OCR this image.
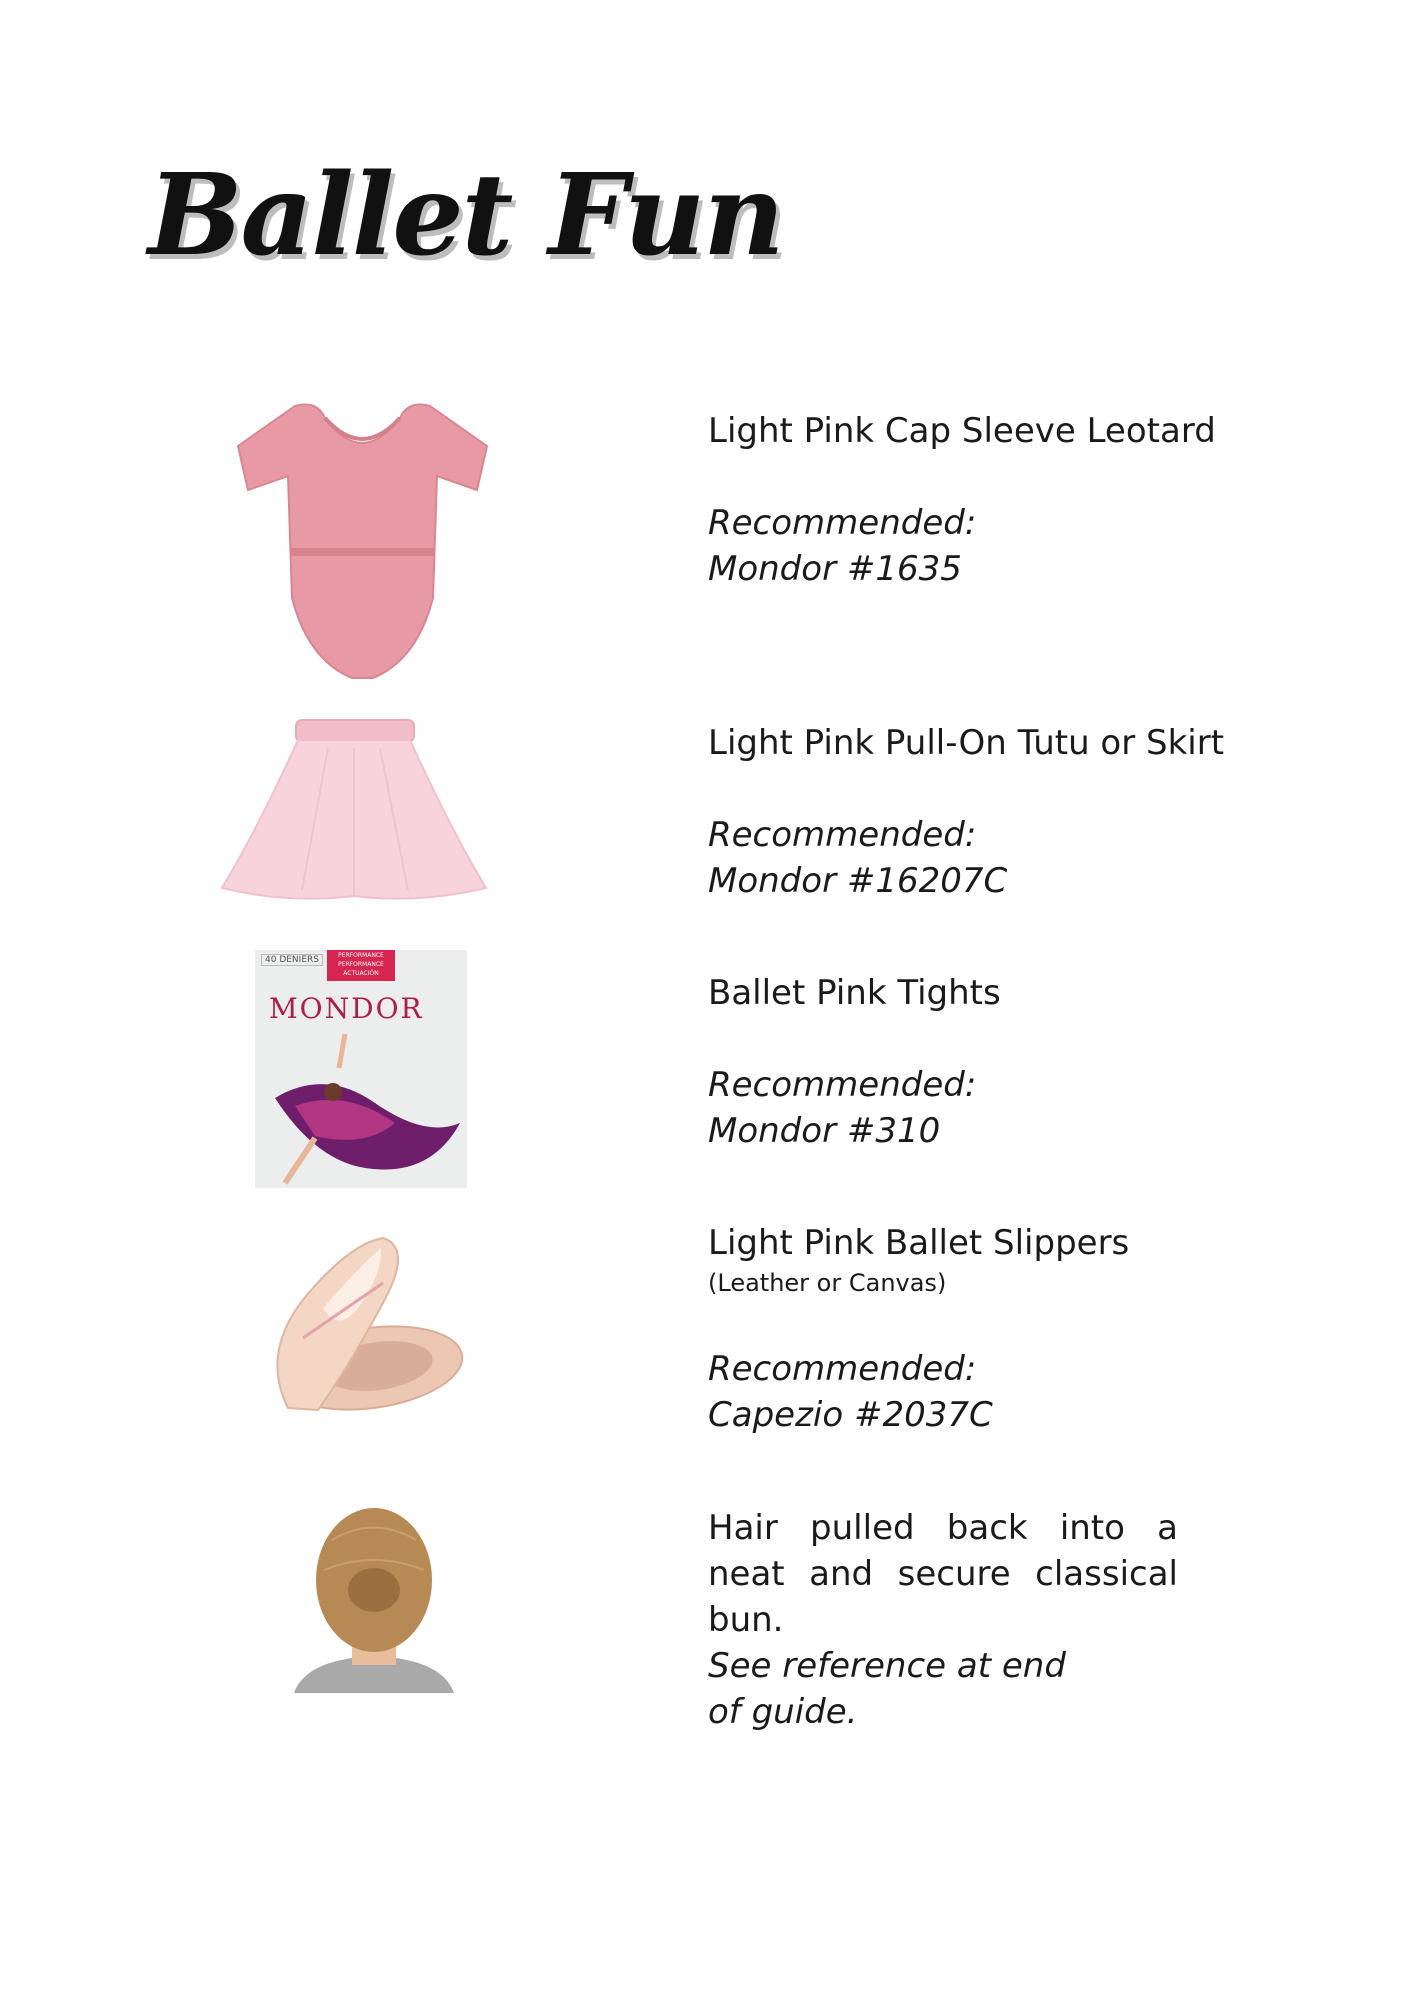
Ballet Fun

Light Pink Cap Sleeve Leotard

Recommended:

Mondor #1635

Light Pink Pull-On Tutu or Skirt

Recommended:

Mondor #16207C

40 DENIERS	PERFORMANCE
PERFORMANCE
ACTUACIÓN
MONDOR	Ballet Pink Tights

Recommended:

Mondor #310

Light Pink Ballet Slippers

(Leather or Canvas)

Recommended:

Capezio #2037C

Hair pulled back into a neat and secure classical bun.

See reference at end

of guide.
